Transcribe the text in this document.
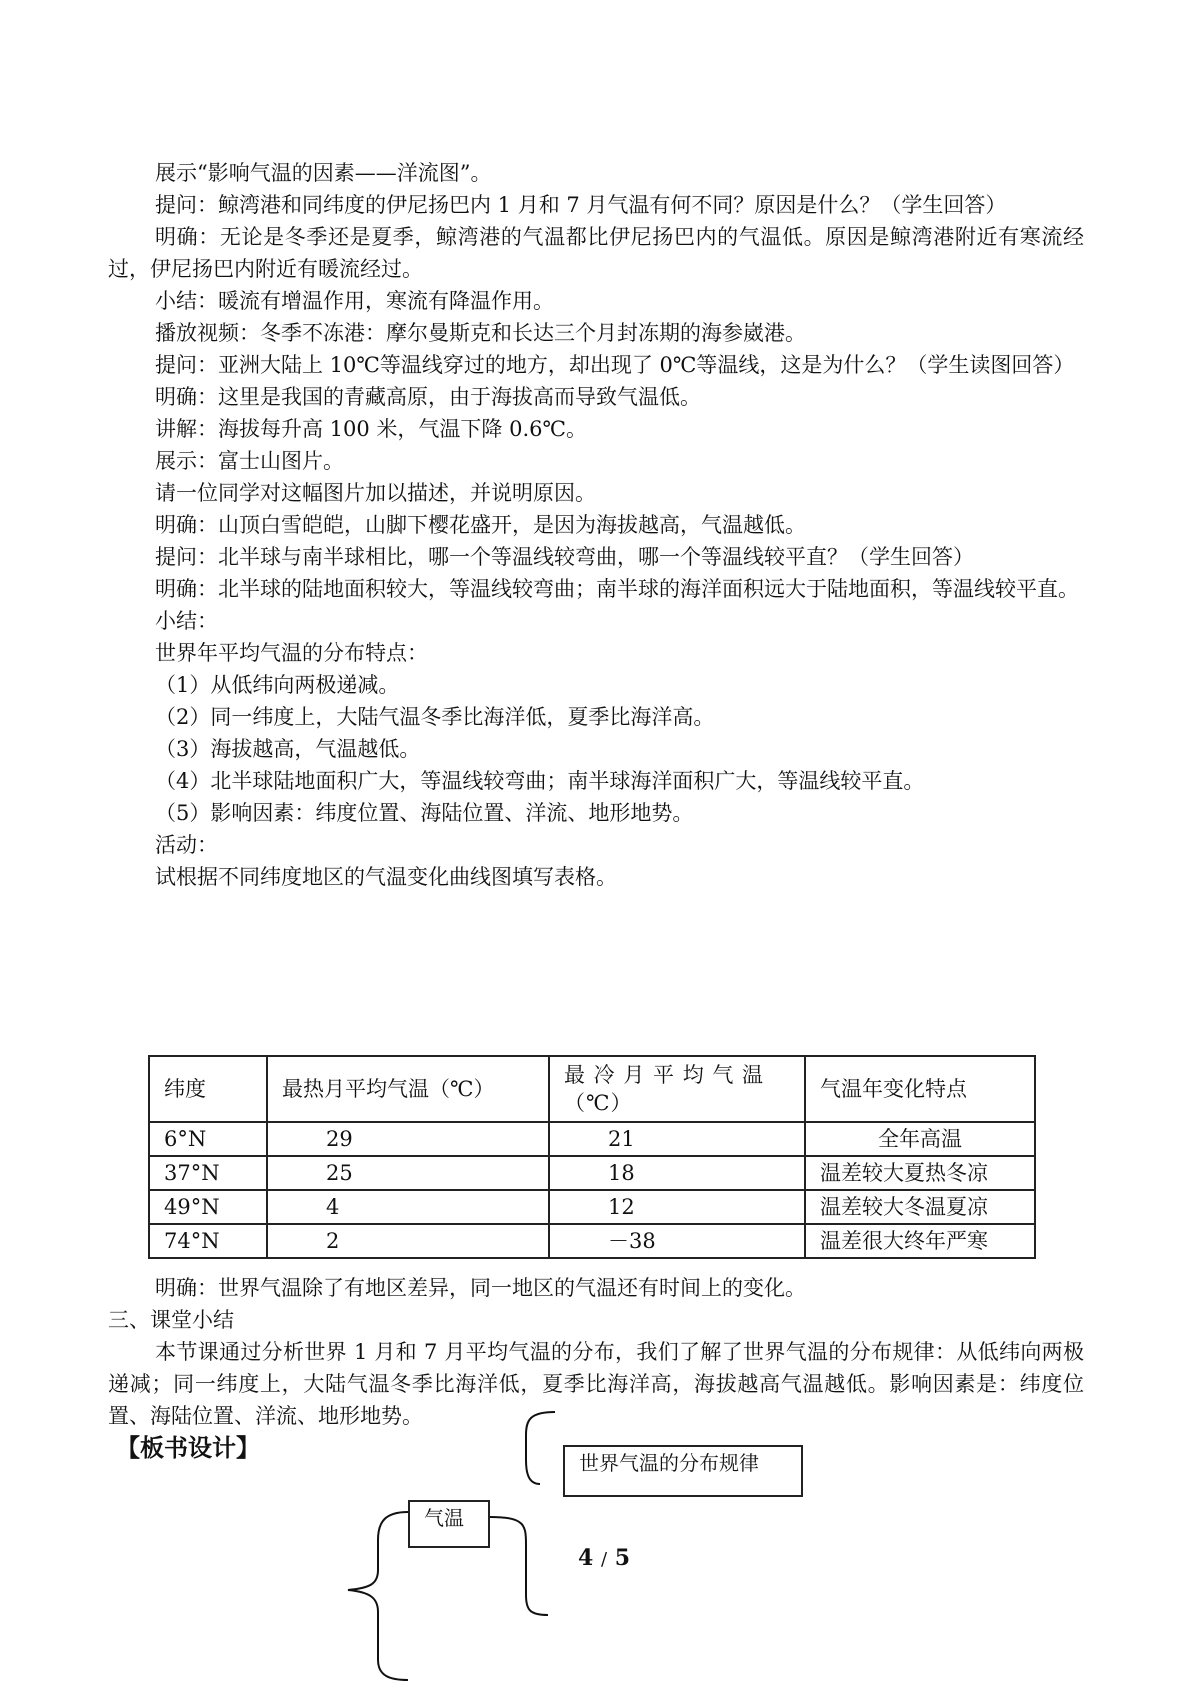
展示“影响气温的因素——洋流图”。

提问：鲸湾港和同纬度的伊尼扬巴内 1 月和 7 月气温有何不同？原因是什么？（学生回答）

明确：无论是冬季还是夏季，鲸湾港的气温都比伊尼扬巴内的气温低。原因是鲸湾港附近有寒流经过，伊尼扬巴内附近有暖流经过。

小结：暖流有增温作用，寒流有降温作用。

播放视频：冬季不冻港：摩尔曼斯克和长达三个月封冻期的海参崴港。

提问：亚洲大陆上 10℃等温线穿过的地方，却出现了 0℃等温线，这是为什么？（学生读图回答）

明确：这里是我国的青藏高原，由于海拔高而导致气温低。

讲解：海拔每升高 100 米，气温下降 0.6℃。

展示：富士山图片。

请一位同学对这幅图片加以描述，并说明原因。

明确：山顶白雪皑皑，山脚下樱花盛开，是因为海拔越高，气温越低。

提问：北半球与南半球相比，哪一个等温线较弯曲，哪一个等温线较平直？（学生回答）

明确：北半球的陆地面积较大，等温线较弯曲；南半球的海洋面积远大于陆地面积，等温线较平直。

小结：

世界年平均气温的分布特点：

（1）从低纬向两极递减。

（2）同一纬度上，大陆气温冬季比海洋低，夏季比海洋高。

（3）海拔越高，气温越低。

（4）北半球陆地面积广大，等温线较弯曲；南半球海洋面积广大，等温线较平直。

（5）影响因素：纬度位置、海陆位置、洋流、地形地势。

活动：

试根据不同纬度地区的气温变化曲线图填写表格。

纬度	最热月平均气温（℃）	最 冷 月 平 均 气 温（℃）	气温年变化特点
6°N	29	21	全年高温
37°N	25	18	温差较大夏热冬凉
49°N	4	12	温差较大冬温夏凉
74°N	2	－38	温差很大终年严寒

明确：世界气温除了有地区差异，同一地区的气温还有时间上的变化。

三、课堂小结

本节课通过分析世界 1 月和 7 月平均气温的分布，我们了解了世界气温的分布规律：从低纬向两极递减；同一纬度上，大陆气温冬季比海洋低，夏季比海洋高，海拔越高气温越低。影响因素是：纬度位置、海陆位置、洋流、地形地势。

【板书设计】

世界气温的分布规律
气温
4 / 5
